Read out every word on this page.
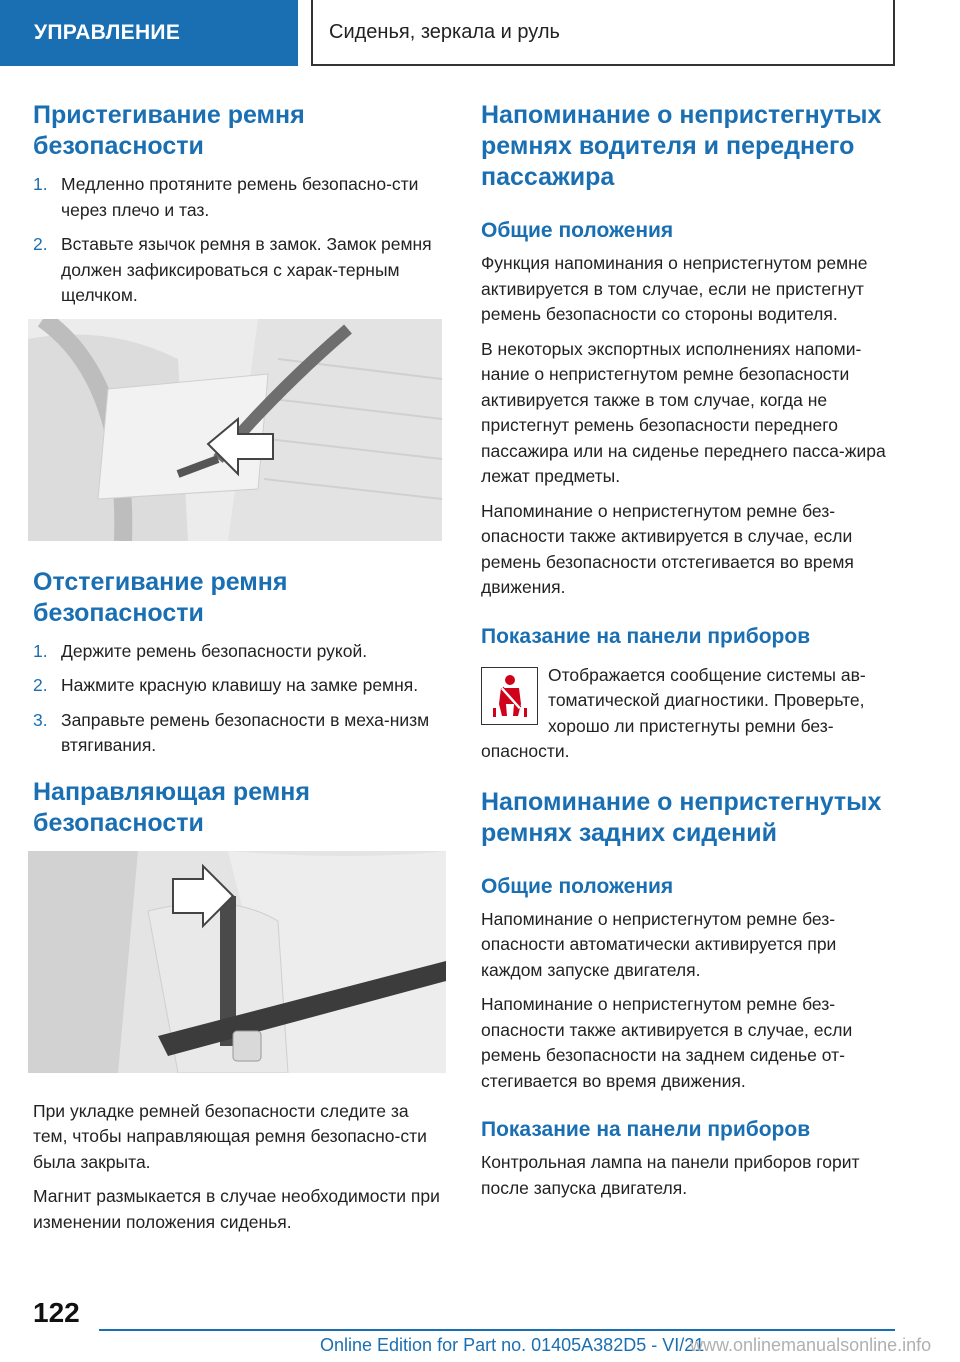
УПРАВЛЕНИЕ	Сиденья, зеркала и руль
Пристегивание ремня безопасности
1. Медленно протяните ремень безопасно-сти через плечо и таз.
2. Вставьте язычок ремня в замок. Замок ремня должен зафиксироваться с харак-терным щелчком.
Отстегивание ремня безопасности
1. Держите ремень безопасности рукой.
2. Нажмите красную клавишу на замке ремня.
3. Заправьте ремень безопасности в меха-низм втягивания.
Направляющая ремня безопасности

При укладке ремней безопасности следите за тем, чтобы направляющая ремня безопасно-сти была закрыта.

Магнит размыкается в случае необходимости при изменении положения сиденья.

Напоминание о непристегнутых ремнях водителя и переднего пассажира
Общие положения

Функция напоминания о непристегнутом ремне активируется в том случае, если не пристегнут ремень безопасности со стороны водителя.

В некоторых экспортных исполнениях напоми-нание о непристегнутом ремне безопасности активируется также в том случае, когда не пристегнут ремень безопасности переднего пассажира или на сиденье переднего пасса-жира лежат предметы.

Напоминание о непристегнутом ремне без-опасности также активируется в случае, если ремень безопасности отстегивается во время движения.

Показание на панели приборов

Отображается сообщение системы ав-томатической диагностики. Проверьте, хорошо ли пристегнуты ремни без-опасности.

Напоминание о непристегнутых ремнях задних сидений
Общие положения

Напоминание о непристегнутом ремне без-опасности автоматически активируется при каждом запуске двигателя.

Напоминание о непристегнутом ремне без-опасности также активируется в случае, если ремень безопасности на заднем сиденье от-стегивается во время движения.

Показание на панели приборов

Контрольная лампа на панели приборов горит после запуска двигателя.

122
Online Edition for Part no. 01405A382D5 - VI/21
www.onlinemanualsonline.info
